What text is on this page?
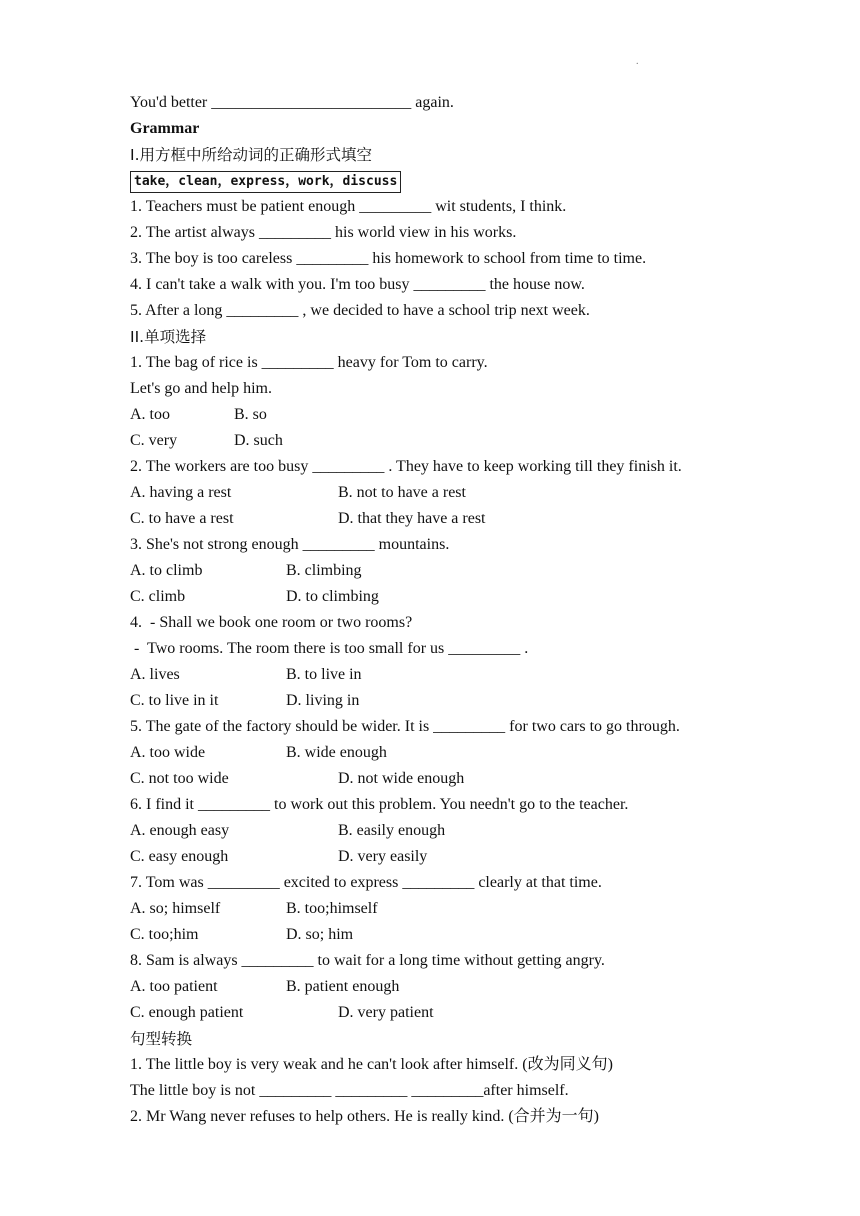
.
You'd better _________________________ again.
Grammar
I.用方框中所给动词的正确形式填空
take，clean，express，work，discuss
1. Teachers must be patient enough _________ wit students, I think.
2. The artist always _________ his world view in his works.
3. The boy is too careless _________ his homework to school from time to time.
4. I can't take a walk with you. I'm too busy _________ the house now.
5. After a long _________ , we decided to have a school trip next week.
II.单项选择
1. The bag of rice is _________ heavy for Tom to carry.
Let's go and help him.
A. too	B. so
C. very	D. such
2. The workers are too busy _________ . They have to keep working till they finish it.
A. having a rest	B. not to have a rest
C. to have a rest	D. that they have a rest
3. She's not strong enough _________ mountains.
A. to climb	B. climbing
C. climb	D. to climbing
4.  - Shall we book one room or two rooms?
-  Two rooms. The room there is too small for us _________ .
A. lives	B. to live in
C. to live in it	D. living in
5. The gate of the factory should be wider. It is _________ for two cars to go through.
A. too wide	B. wide enough
C. not too wide	D. not wide enough
6. I find it _________ to work out this problem. You needn't go to the teacher.
A. enough easy	B. easily enough
C. easy enough	D. very easily
7. Tom was _________ excited to express _________ clearly at that time.
A. so; himself	B. too;himself
C. too;him	D. so; him
8. Sam is always _________ to wait for a long time without getting angry.
A. too patient	B. patient enough
C. enough patient	D. very patient
句型转换
1. The little boy is very weak and he can't look after himself. (改为同义句)
The little boy is not _________ _________ _________after himself.
2. Mr Wang never refuses to help others. He is really kind. (合并为一句)
